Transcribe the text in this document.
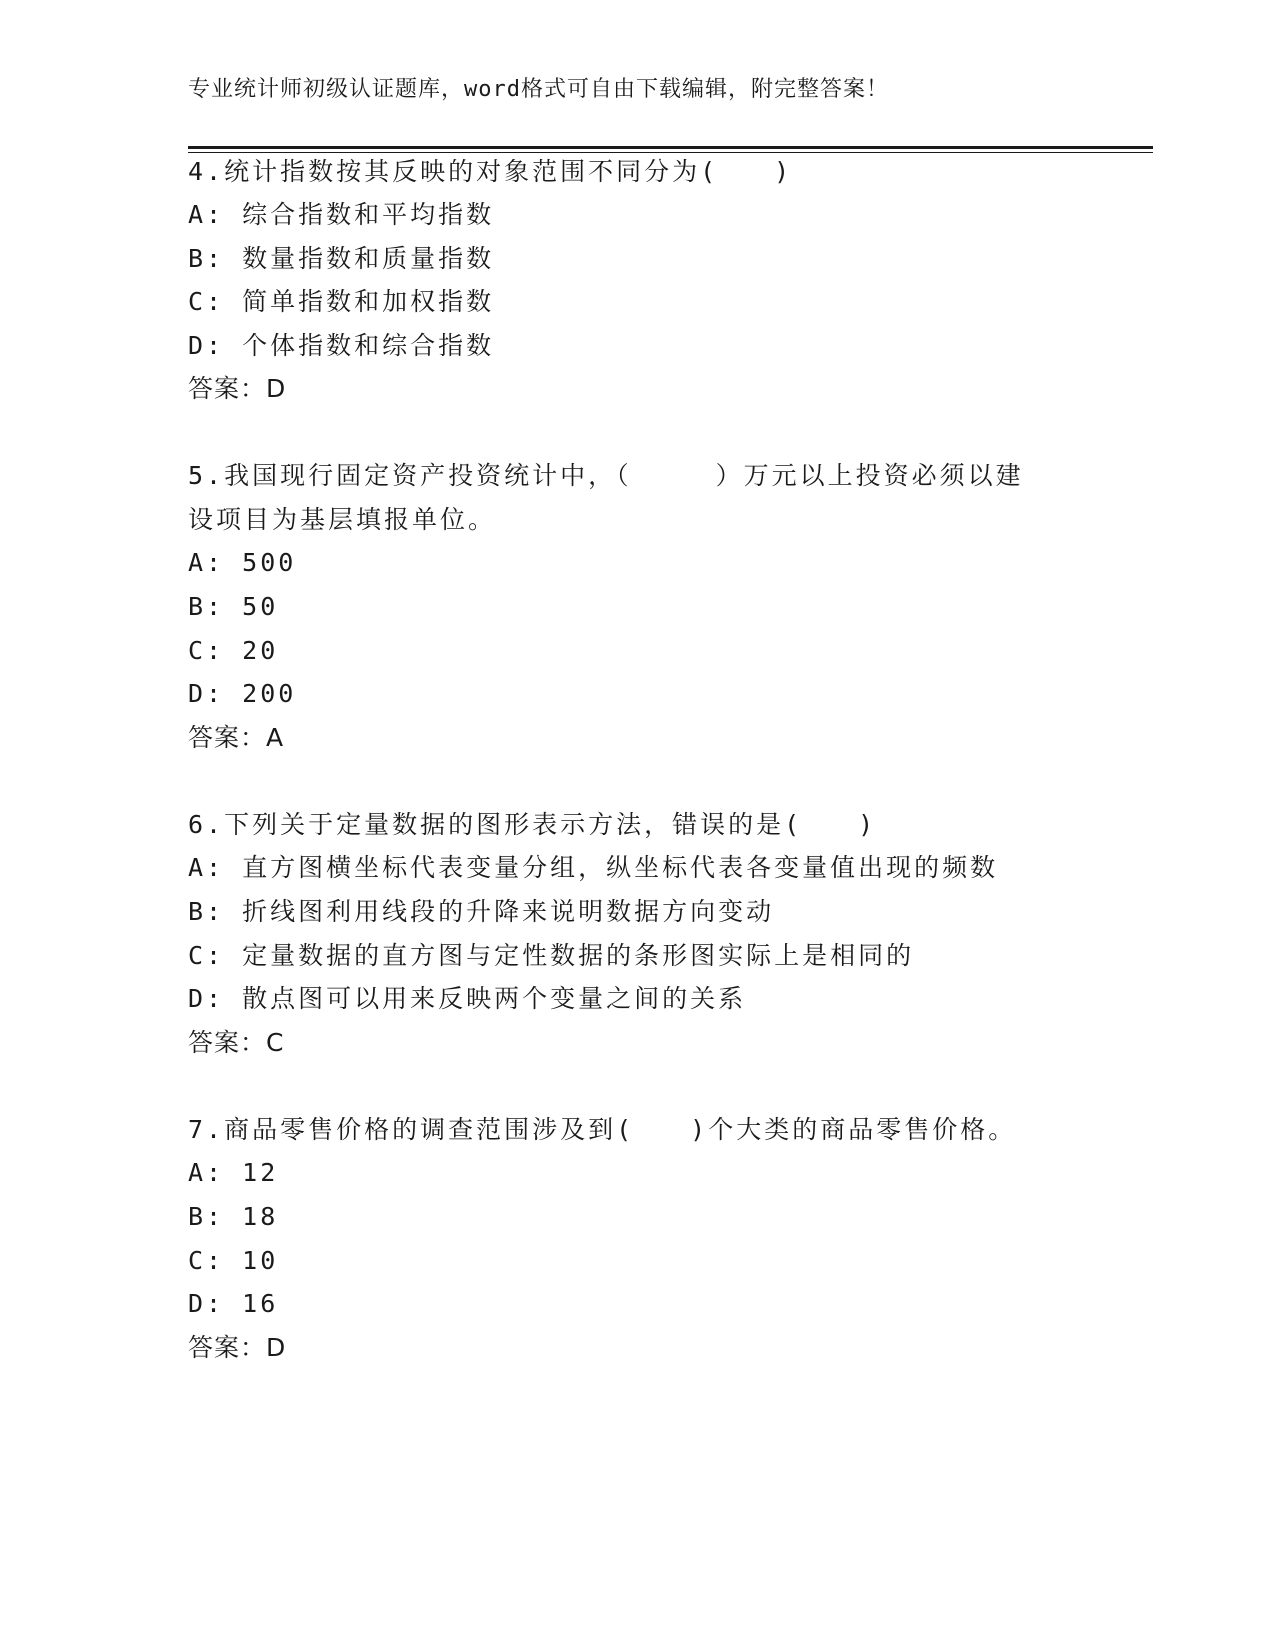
专业统计师初级认证题库，word格式可自由下载编辑，附完整答案！
4.统计指数按其反映的对象范围不同分为(　　)
A: 综合指数和平均指数
B: 数量指数和质量指数
C: 简单指数和加权指数
D: 个体指数和综合指数
答案：D
5.我国现行固定资产投资统计中，（　　　）万元以上投资必须以建
设项目为基层填报单位。
A: 500
B: 50
C: 20
D: 200
答案：A
6.下列关于定量数据的图形表示方法，错误的是(　　)
A: 直方图横坐标代表变量分组，纵坐标代表各变量值出现的频数
B: 折线图利用线段的升降来说明数据方向变动
C: 定量数据的直方图与定性数据的条形图实际上是相同的
D: 散点图可以用来反映两个变量之间的关系
答案：C
7.商品零售价格的调查范围涉及到(　　)个大类的商品零售价格。
A: 12
B: 18
C: 10
D: 16
答案：D
